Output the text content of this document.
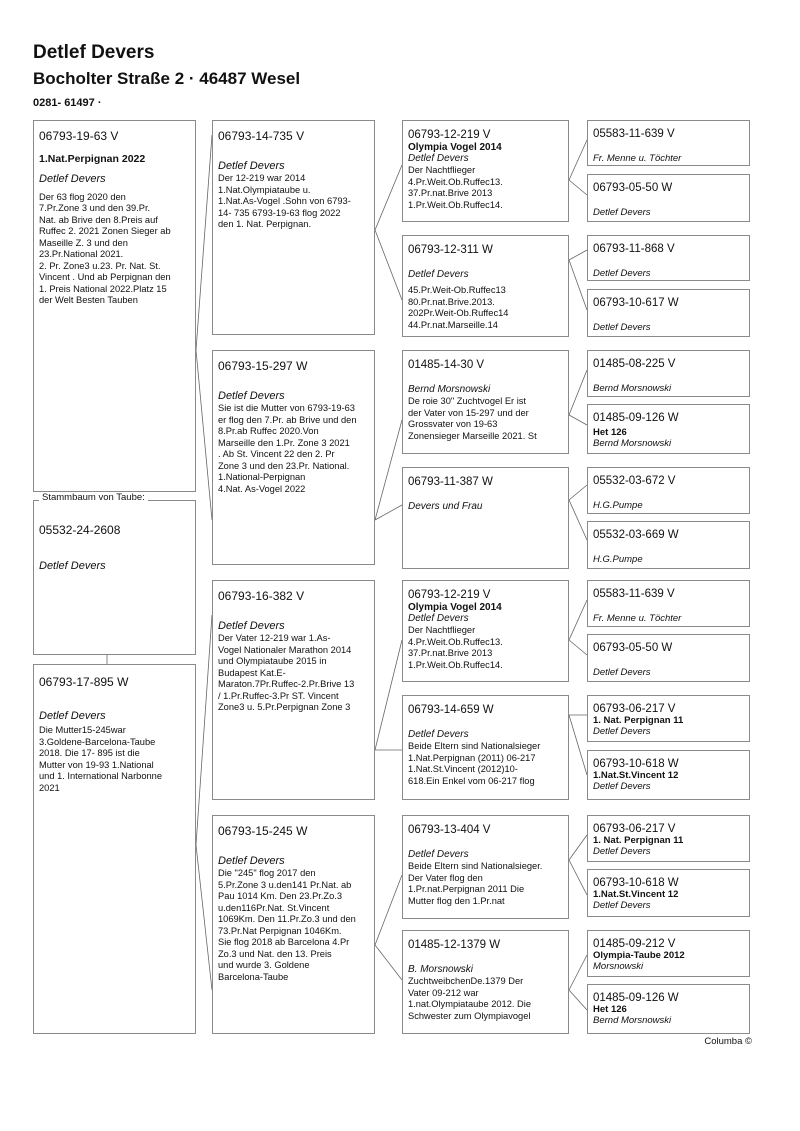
Detlef Devers
Bocholter Straße 2 · 46487 Wesel
0281- 61497 ·
06793-19-63 V
1.Nat.Perpignan 2022
Detlef Devers
Der 63 flog 2020 den
7.Pr.Zone 3 und den 39.Pr.
Nat. ab Brive den 8.Preis auf
Ruffec 2. 2021 Zonen Sieger ab
Maseille Z. 3 und den
23.Pr.National 2021.
2. Pr. Zone3 u.23. Pr. Nat. St.
Vincent . Und ab Perpignan den
1. Preis National 2022.Platz 15
der Welt Besten Tauben
Stammbaum von Taube:
05532-24-2608
Detlef Devers
06793-17-895 W
Detlef Devers
Die Mutter15-245war
3.Goldene-Barcelona-Taube
2018. Die 17- 895 ist die
Mutter von 19-93 1.National
und 1. International Narbonne
2021
06793-14-735 V
Detlef Devers
Der 12-219 war 2014
1.Nat.Olympiataube u.
1.Nat.As-Vogel .Sohn von 6793-
14- 735 6793-19-63 flog 2022
den 1. Nat. Perpignan.
06793-15-297 W
Detlef Devers
Sie ist die Mutter von 6793-19-63
er flog den 7.Pr. ab Brive und den
8.Pr.ab Ruffec 2020.Von
Marseille den 1.Pr. Zone 3 2021
. Ab St. Vincent 22 den 2. Pr
Zone 3 und den 23.Pr. National.
1.National-Perpignan
4.Nat. As-Vogel 2022
06793-16-382 V
Detlef Devers
Der Vater 12-219 war 1.As-
Vogel Nationaler Marathon 2014
und Olympiataube 2015 in
Budapest Kat.E-
Maraton.7Pr.Ruffec-2.Pr.Brive 13
/ 1.Pr.Ruffec-3.Pr ST. Vincent
Zone3 u. 5.Pr.Perpignan Zone 3
06793-15-245 W
Detlef Devers
Die "245" flog 2017 den
5.Pr.Zone 3 u.den141 Pr.Nat. ab
Pau 1014 Km. Den 23.Pr.Zo.3
u.den116Pr.Nat. St.Vincent
1069Km. Den 11.Pr.Zo.3 und den
73.Pr.Nat Perpignan 1046Km.
Sie flog 2018 ab Barcelona 4.Pr
Zo.3 und Nat. den 13. Preis
und wurde 3. Goldene
Barcelona-Taube
06793-12-219 V
Olympia Vogel 2014
Detlef Devers
Der Nachtflieger
4.Pr.Weit.Ob.Ruffec13.
37.Pr.nat.Brive 2013
1.Pr.Weit.Ob.Ruffec14.
06793-12-311 W
Detlef Devers
45.Pr.Weit-Ob.Ruffec13
80.Pr.nat.Brive.2013.
202Pr.Weit-Ob.Ruffec14
44.Pr.nat.Marseille.14
01485-14-30 V
Bernd Morsnowski
De roie 30" Zuchtvogel Er ist
der Vater von 15-297 und der
Grossvater von 19-63
Zonensieger Marseille 2021. St
06793-11-387 W
Devers und Frau
06793-12-219 V
Olympia Vogel 2014
Detlef Devers
Der Nachtflieger
4.Pr.Weit.Ob.Ruffec13.
37.Pr.nat.Brive 2013
1.Pr.Weit.Ob.Ruffec14.
06793-14-659 W
Detlef Devers
Beide Eltern sind Nationalsieger
1.Nat.Perpignan (2011) 06-217
1.Nat.St.Vincent (2012)10-
618.Ein Enkel vom 06-217 flog
06793-13-404 V
Detlef Devers
Beide Eltern sind Nationalsieger.
Der Vater flog den
1.Pr.nat.Perpignan 2011 Die
Mutter flog den 1.Pr.nat
01485-12-1379 W
B. Morsnowski
ZuchtweibchenDe.1379 Der
Vater 09-212 war
1.nat.Olympiataube 2012. Die
Schwester zum Olympiavogel
05583-11-639 V
Fr. Menne u. Töchter
06793-05-50 W
Detlef Devers
06793-11-868 V
Detlef Devers
06793-10-617 W
Detlef Devers
01485-08-225 V
Bernd Morsnowski
01485-09-126 W
Het 126
Bernd Morsnowski
05532-03-672 V
H.G.Pumpe
05532-03-669 W
H.G.Pumpe
05583-11-639 V
Fr. Menne u. Töchter
06793-05-50 W
Detlef Devers
06793-06-217 V
1. Nat. Perpignan 11
Detlef Devers
06793-10-618 W
1.Nat.St.Vincent 12
Detlef Devers
06793-06-217 V
1. Nat. Perpignan 11
Detlef Devers
06793-10-618 W
1.Nat.St.Vincent 12
Detlef Devers
01485-09-212 V
Olympia-Taube 2012
Morsnowski
01485-09-126 W
Het 126
Bernd Morsnowski
Columba ©
